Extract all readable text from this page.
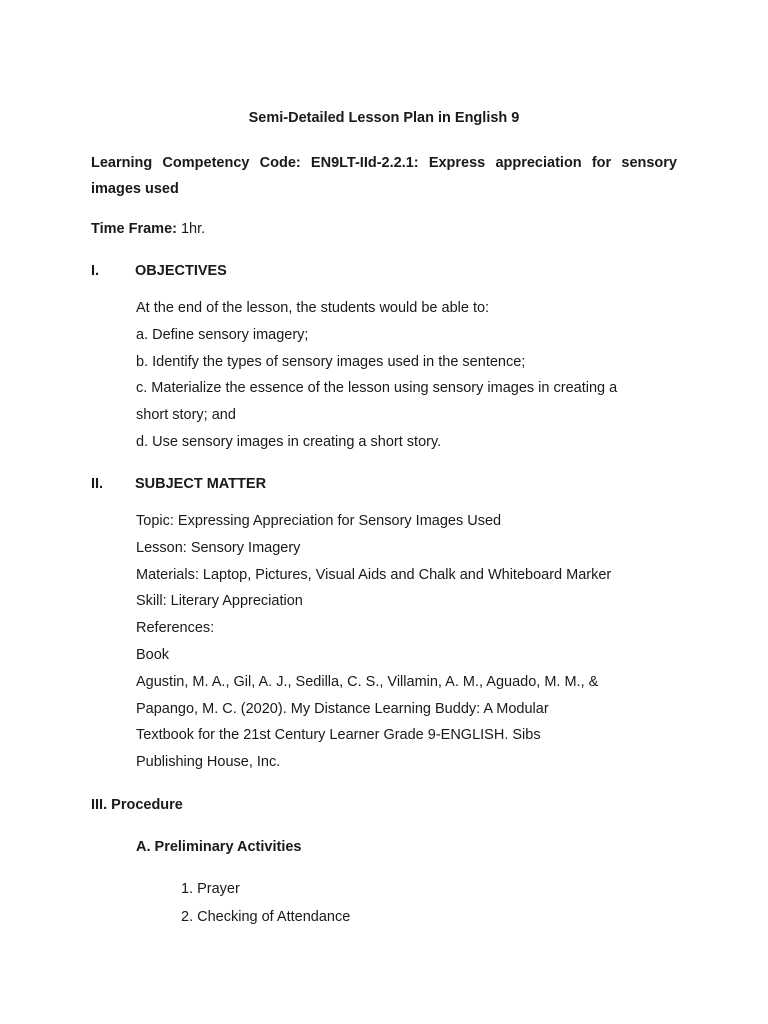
Semi-Detailed Lesson Plan in English 9
Learning Competency Code: EN9LT-IId-2.2.1: Express appreciation for sensory images used
Time Frame: 1hr.
I.	OBJECTIVES
At the end of the lesson, the students would be able to:
a. Define sensory imagery;
b. Identify the types of sensory images used in the sentence;
c. Materialize the essence of the lesson using sensory images in creating a
short story; and
d. Use sensory images in creating a short story.
II.	SUBJECT MATTER
Topic: Expressing Appreciation for Sensory Images Used
Lesson: Sensory Imagery
Materials: Laptop, Pictures, Visual Aids and Chalk and Whiteboard Marker
Skill: Literary Appreciation
References:
Book
Agustin, M. A., Gil, A. J., Sedilla, C. S., Villamin, A. M., Aguado, M. M., &
Papango, M. C. (2020). My Distance Learning Buddy: A Modular
Textbook for the 21st Century Learner Grade 9-ENGLISH. Sibs
Publishing House, Inc.
III. Procedure
A. Preliminary Activities
1. Prayer
2. Checking of Attendance
